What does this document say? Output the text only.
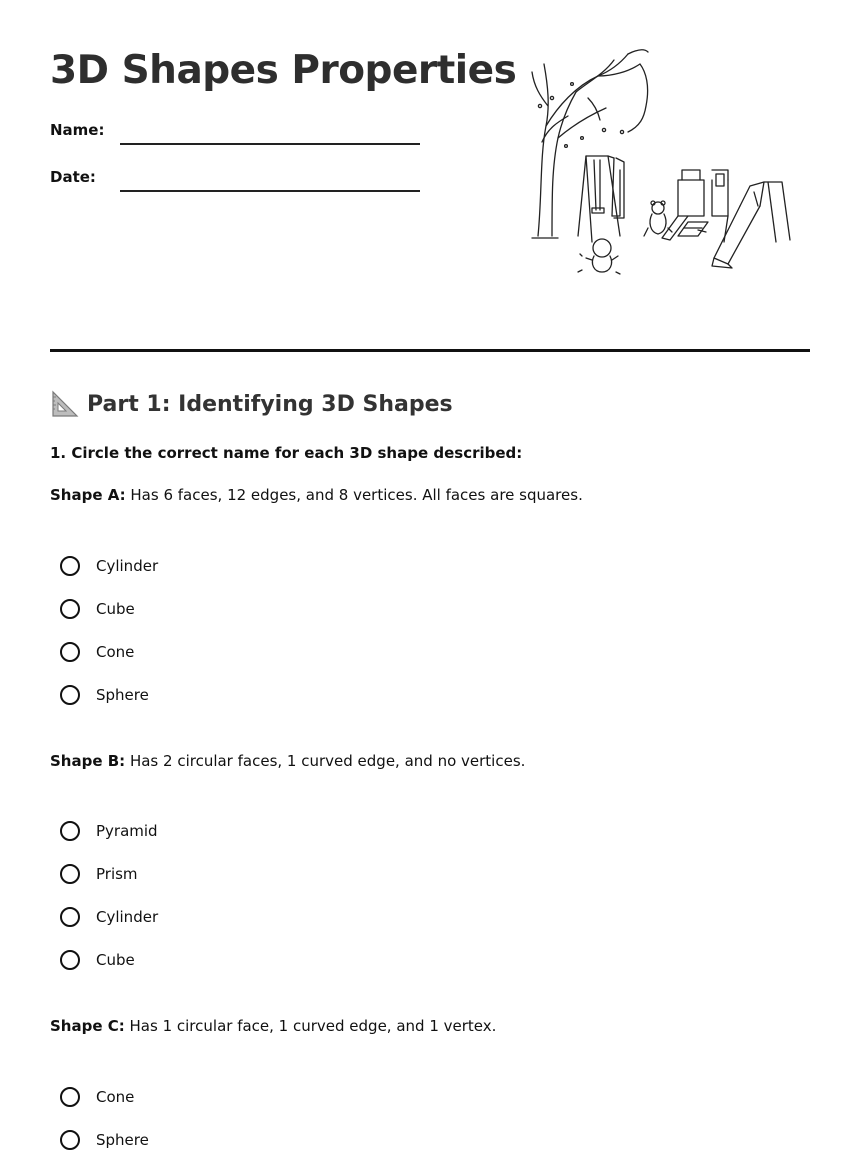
3D Shapes Properties
Name:
Date:
Part 1: Identifying 3D Shapes
1. Circle the correct name for each 3D shape described:
Shape A: Has 6 faces, 12 edges, and 8 vertices. All faces are squares.
Cylinder
Cube
Cone
Sphere
Shape B: Has 2 circular faces, 1 curved edge, and no vertices.
Pyramid
Prism
Cylinder
Cube
Shape C: Has 1 circular face, 1 curved edge, and 1 vertex.
Cone
Sphere
